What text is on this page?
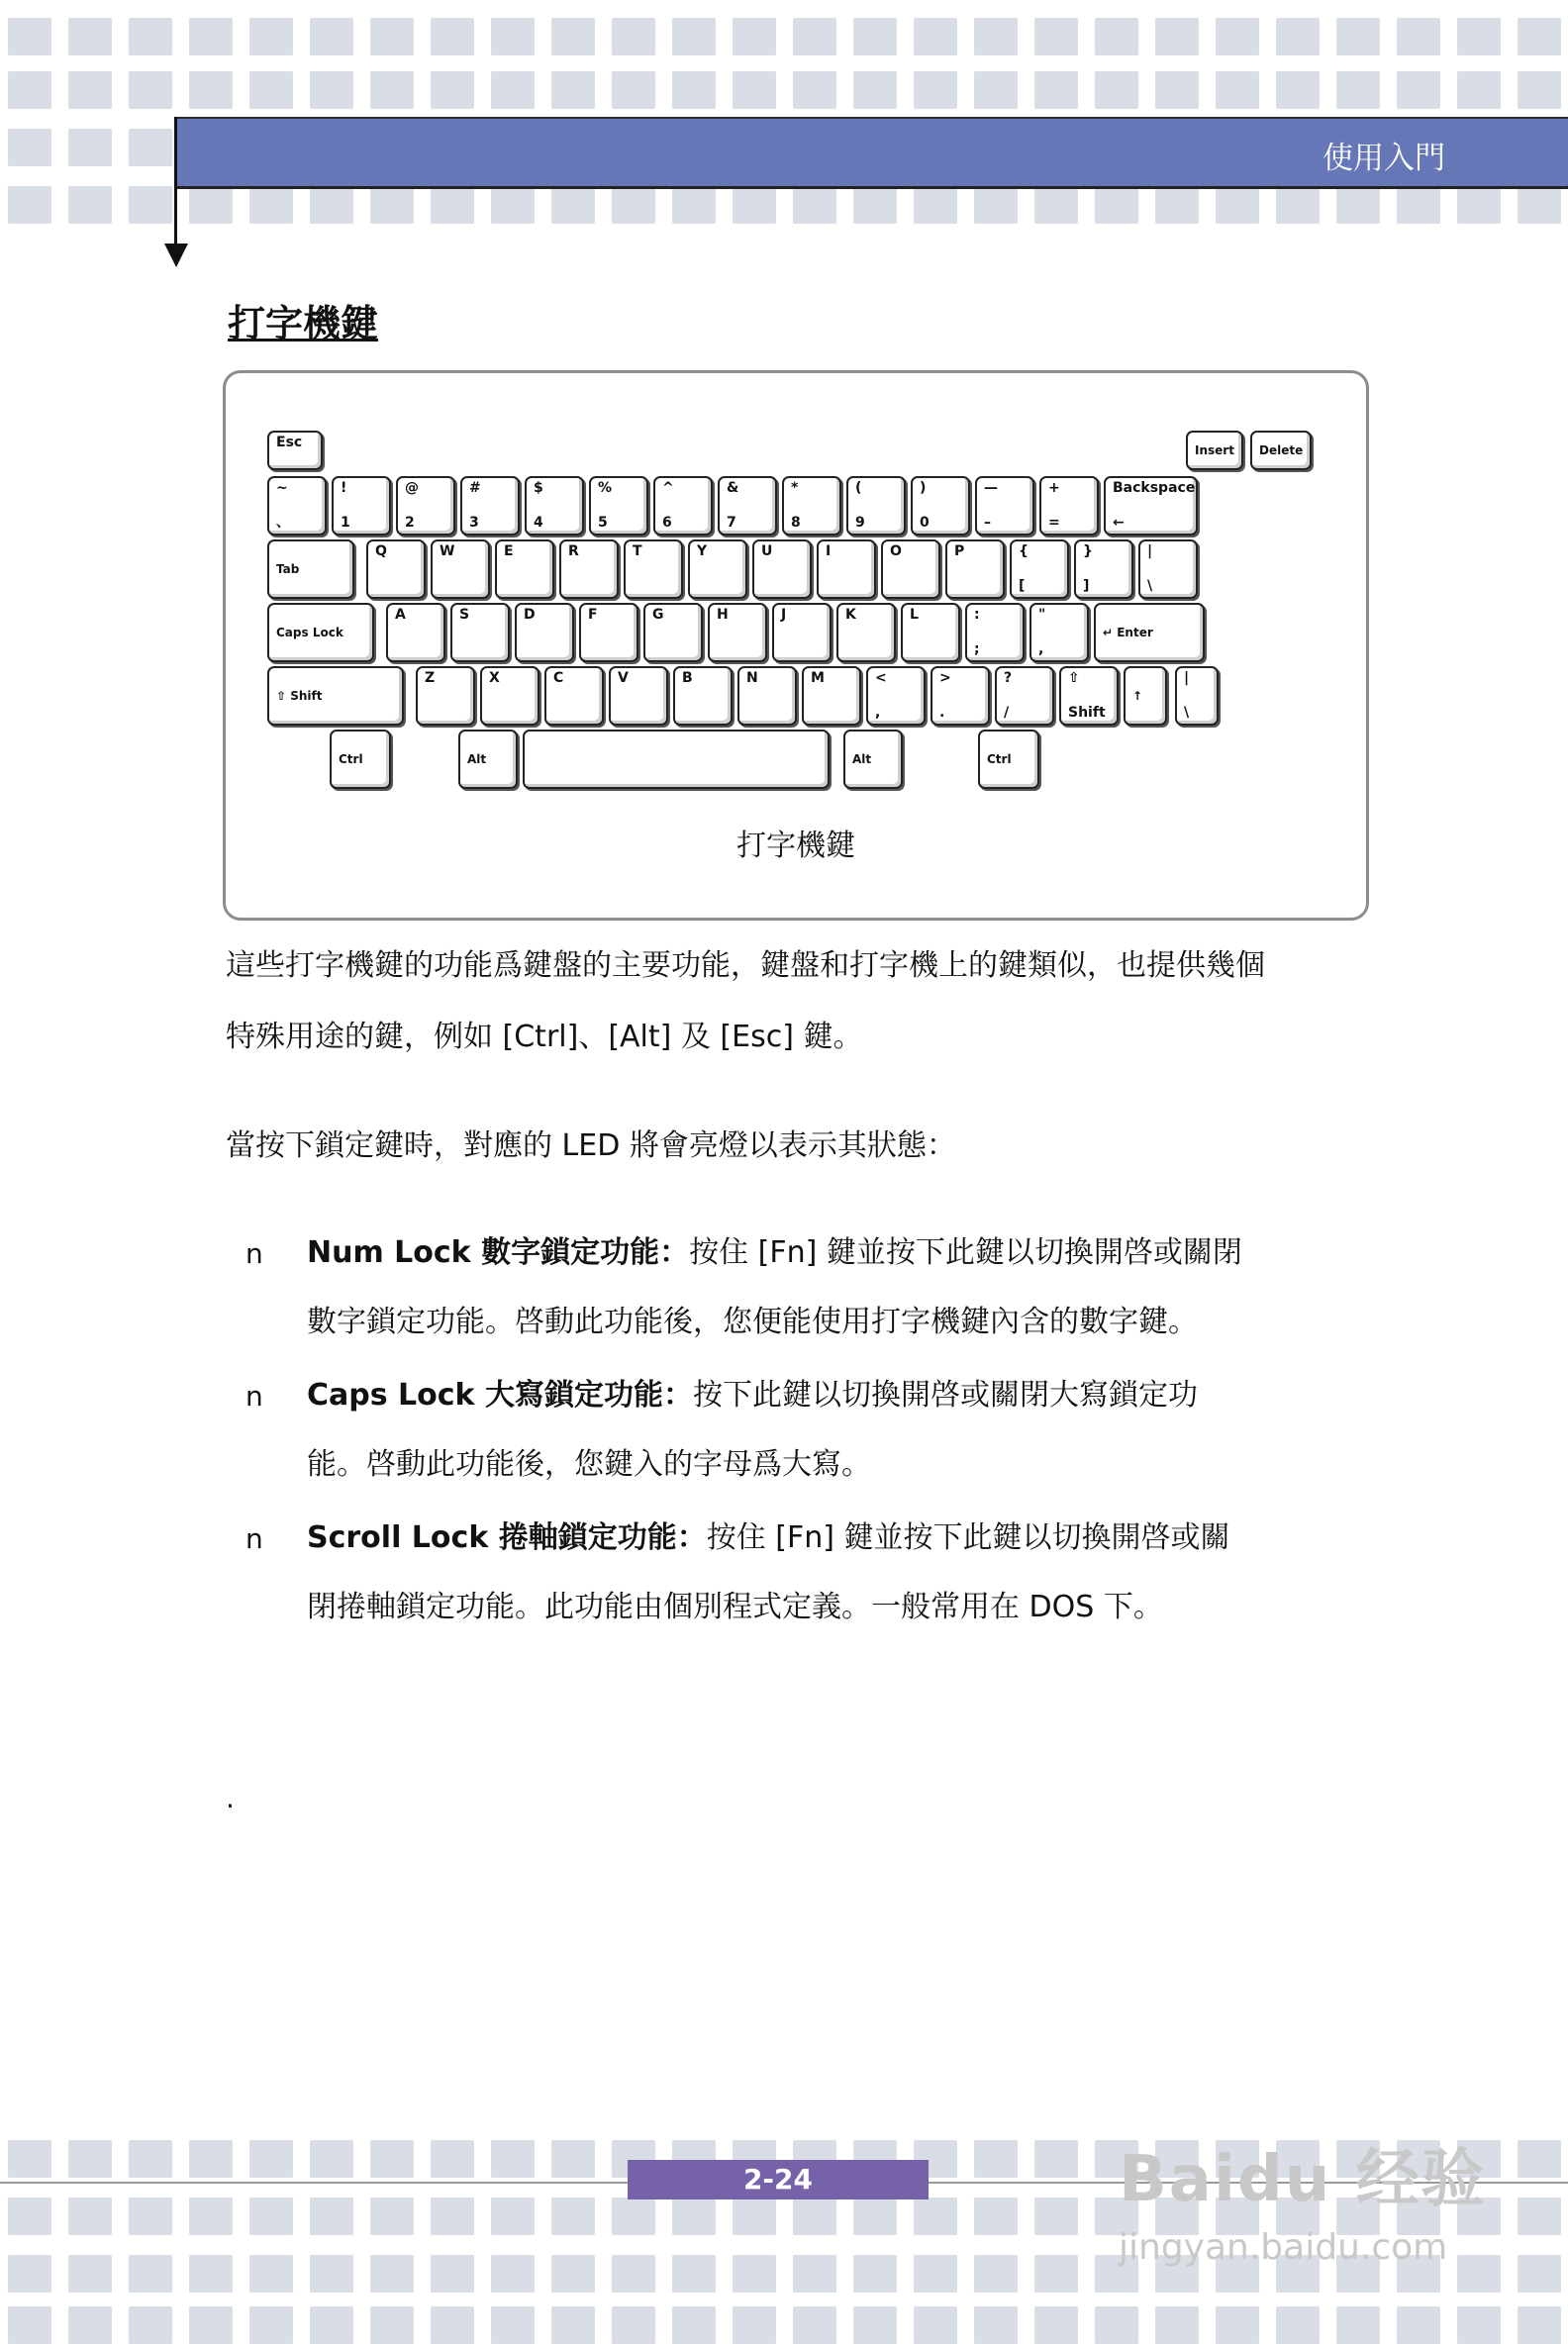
使用入門
打字機鍵
Esc	Insert Delete
~
、
!
1
@
2
#
3
$
4
%
5
^
6
&
7
*
8
(
9
)
0
—
–
+
=
Backspace
←
Tab
Q	W	E	R	T	Y	U	I	O	P	{
[
}
]
|
\
Caps Lock
A	S	D	F	G	H	J	K	L	:
;
"
,
↵ Enter
⇧ Shift
Z	X	C	V	B	N	M	<
,
>
.
?
/
⇧
Shift
↑
|
\
Ctrl	Alt	Alt	Ctrl
打字機鍵
這些打字機鍵的功能爲鍵盤的主要功能，鍵盤和打字機上的鍵類似，也提供幾個
特殊用途的鍵，例如 [Ctrl]、[Alt] 及 [Esc] 鍵。
當按下鎖定鍵時，對應的 LED 將會亮燈以表示其狀態：
n Num Lock 數字鎖定功能：按住 [Fn] 鍵並按下此鍵以切換開啓或關閉
數字鎖定功能。啓動此功能後，您便能使用打字機鍵內含的數字鍵。
n Caps Lock 大寫鎖定功能：按下此鍵以切換開啓或關閉大寫鎖定功
能。啓動此功能後，您鍵入的字母爲大寫。
n Scroll Lock 捲軸鎖定功能：按住 [Fn] 鍵並按下此鍵以切換開啓或關
閉捲軸鎖定功能。此功能由個別程式定義。一般常用在 DOS 下。
.
2-24	Baidu 经验
jingyan.baidu.com
